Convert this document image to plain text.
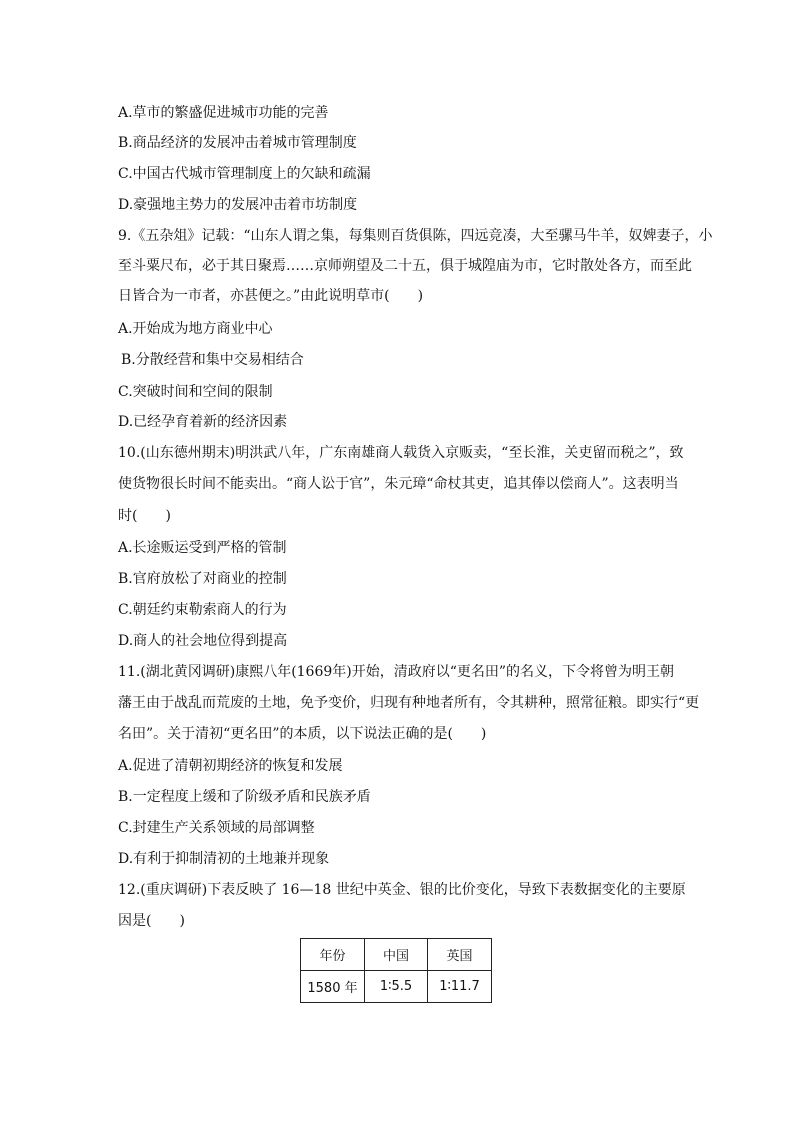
A.草市的繁盛促进城市功能的完善
B.商品经济的发展冲击着城市管理制度
C.中国古代城市管理制度上的欠缺和疏漏
D.豪强地主势力的发展冲击着市坊制度
9.《五杂俎》记载：“山东人谓之集，每集则百货俱陈，四远竞凑，大至骡马牛羊，奴婢妻子，小
至斗粟尺布，必于其日聚焉……京师朔望及二十五，俱于城隍庙为市，它时散处各方，而至此
日皆合为一市者，亦甚便之。”由此说明草市(　　)
A.开始成为地方商业中心
B.分散经营和集中交易相结合
C.突破时间和空间的限制
D.已经孕育着新的经济因素
10.(山东德州期末)明洪武八年，广东南雄商人载货入京贩卖，“至长淮，关吏留而税之”，致
使货物很长时间不能卖出。“商人讼于官”，朱元璋“命杖其吏，追其俸以偿商人”。这表明当
时(　　)
A.长途贩运受到严格的管制
B.官府放松了对商业的控制
C.朝廷约束勒索商人的行为
D.商人的社会地位得到提高
11.(湖北黄冈调研)康熙八年(1669年)开始，清政府以“更名田”的名义，下令将曾为明王朝
藩王由于战乱而荒废的土地，免予变价，归现有种地者所有，令其耕种，照常征粮。即实行“更
名田”。关于清初“更名田”的本质，以下说法正确的是(　　)
A.促进了清朝初期经济的恢复和发展
B.一定程度上缓和了阶级矛盾和民族矛盾
C.封建生产关系领域的局部调整
D.有利于抑制清初的土地兼并现象
12.(重庆调研)下表反映了 16—18 世纪中英金、银的比价变化，导致下表数据变化的主要原
因是(　　)
年份	中国	英国
1580 年	1∶5.5	1∶11.7
